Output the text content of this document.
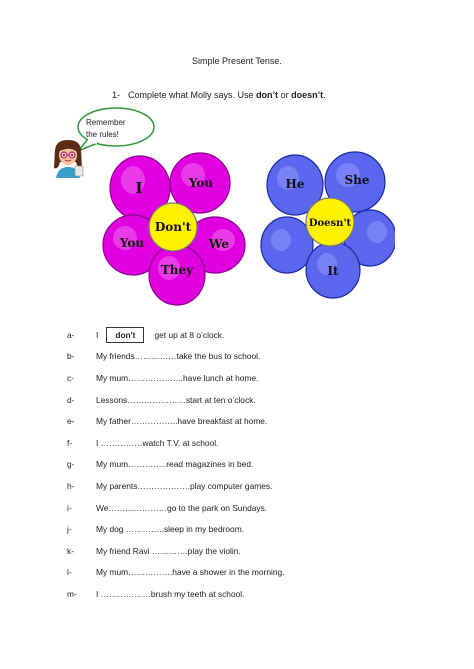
Simple Present Tense.
1- Complete what Molly says. Use don’t or doesn’t.
Remember
the rules!
Don't
I	You
You	We
They
Doesn't
He	She
It
a-	I	don't	get up at 8 o’clock.
b-	My friends……………take the bus to school.
c-	My mum………………..have lunch at home.
d-	Lessons…………………start at ten o’clock.
e-	My father……………..have breakfast at home.
f-	I ……………watch T.V. at school.
g-	My mum…………..read magazines in bed.
h-	My parents……………….play computer games.
i-	We…………………go to the park on Sundays.
j-	My dog …………..sleep in my bedroom.
k-	My friend Ravi ………….play the violin.
l-	My mum…………….have a shower in the morning.
m-	I ………………brush my teeth at school.
